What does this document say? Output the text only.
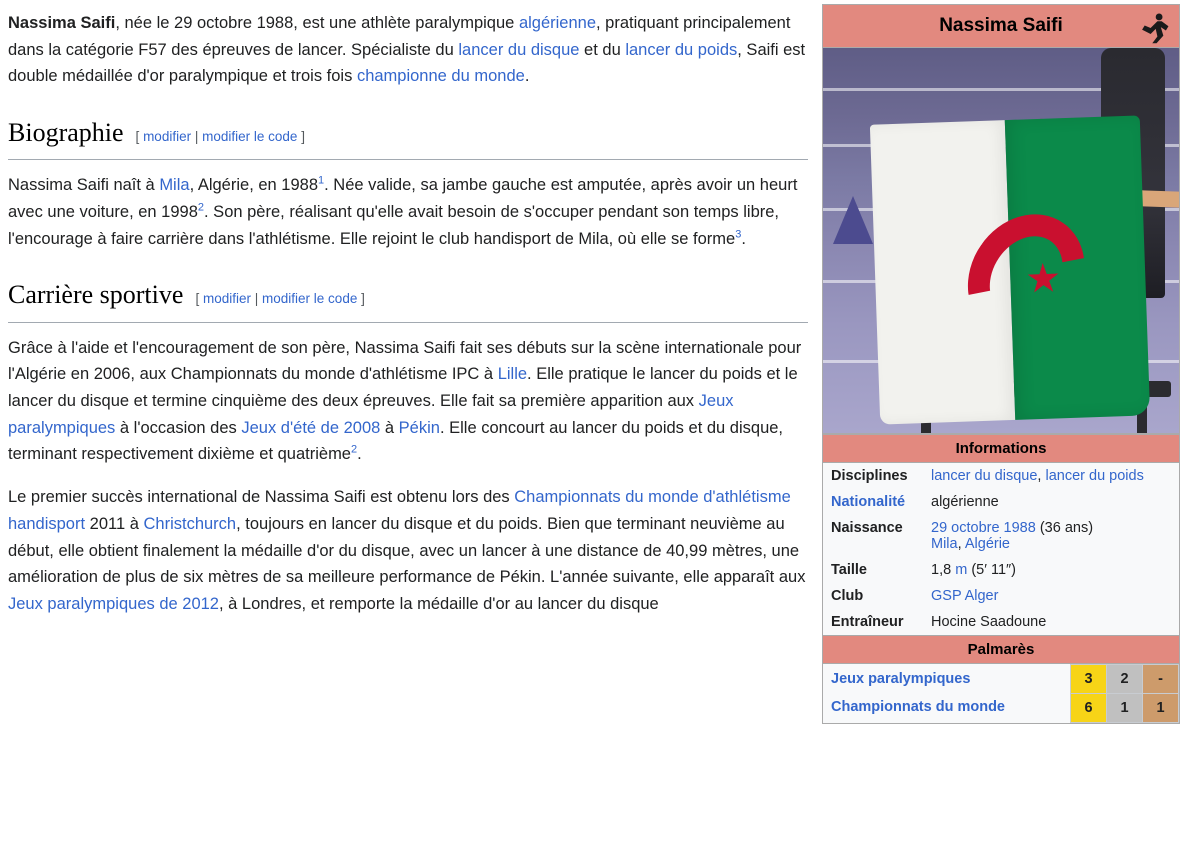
Nassima Saifi, née le 29 octobre 1988, est une athlète paralympique algérienne, pratiquant principalement dans la catégorie F57 des épreuves de lancer. Spécialiste du lancer du disque et du lancer du poids, Saifi est double médaillée d'or paralympique et trois fois championne du monde.

Biographie [ modifier | modifier le code ]

Nassima Saifi naît à Mila, Algérie, en 1988$^1$. Née valide, sa jambe gauche est amputée, après avoir un heurt avec une voiture, en 1998$^2$. Son père, réalisant qu'elle avait besoin de s'occuper pendant son temps libre, l'encourage à faire carrière dans l'athlétisme. Elle rejoint le club handisport de Mila, où elle se forme$^3$.

Carrière sportive [ modifier | modifier le code ]

Grâce à l'aide et l'encouragement de son père, Nassima Saifi fait ses débuts sur la scène internationale pour l'Algérie en 2006, aux Championnats du monde d'athlétisme IPC à Lille. Elle pratique le lancer du poids et le lancer du disque et termine cinquième des deux épreuves. Elle fait sa première apparition aux Jeux paralympiques à l'occasion des Jeux d'été de 2008 à Pékin. Elle concourt au lancer du poids et du disque, terminant respectivement dixième et quatrième$^2$.

Le premier succès international de Nassima Saifi est obtenu lors des Championnats du monde d'athlétisme handisport 2011 à Christchurch, toujours en lancer du disque et du poids. Bien que terminant neuvième au début, elle obtient finalement la médaille d'or du disque, avec un lancer à une distance de 40,99 mètres, une amélioration de plus de six mètres de sa meilleure performance de Pékin. L'année suivante, elle apparaît aux Jeux paralympiques de 2012, à Londres, et remporte la médaille d'or au lancer du disque

Nassima Saifi
★
Informations
Disciplines	lancer du disque, lancer du poids
Nationalité	algérienne
Naissance	29 octobre 1988 (36 ans)
Mila, Algérie
Taille	1,8 m (5′ 11″)
Club	GSP Alger
Entraîneur	Hocine Saadoune
Palmarès
Jeux paralympiques	3	2	-
Championnats du monde	6	1	1
